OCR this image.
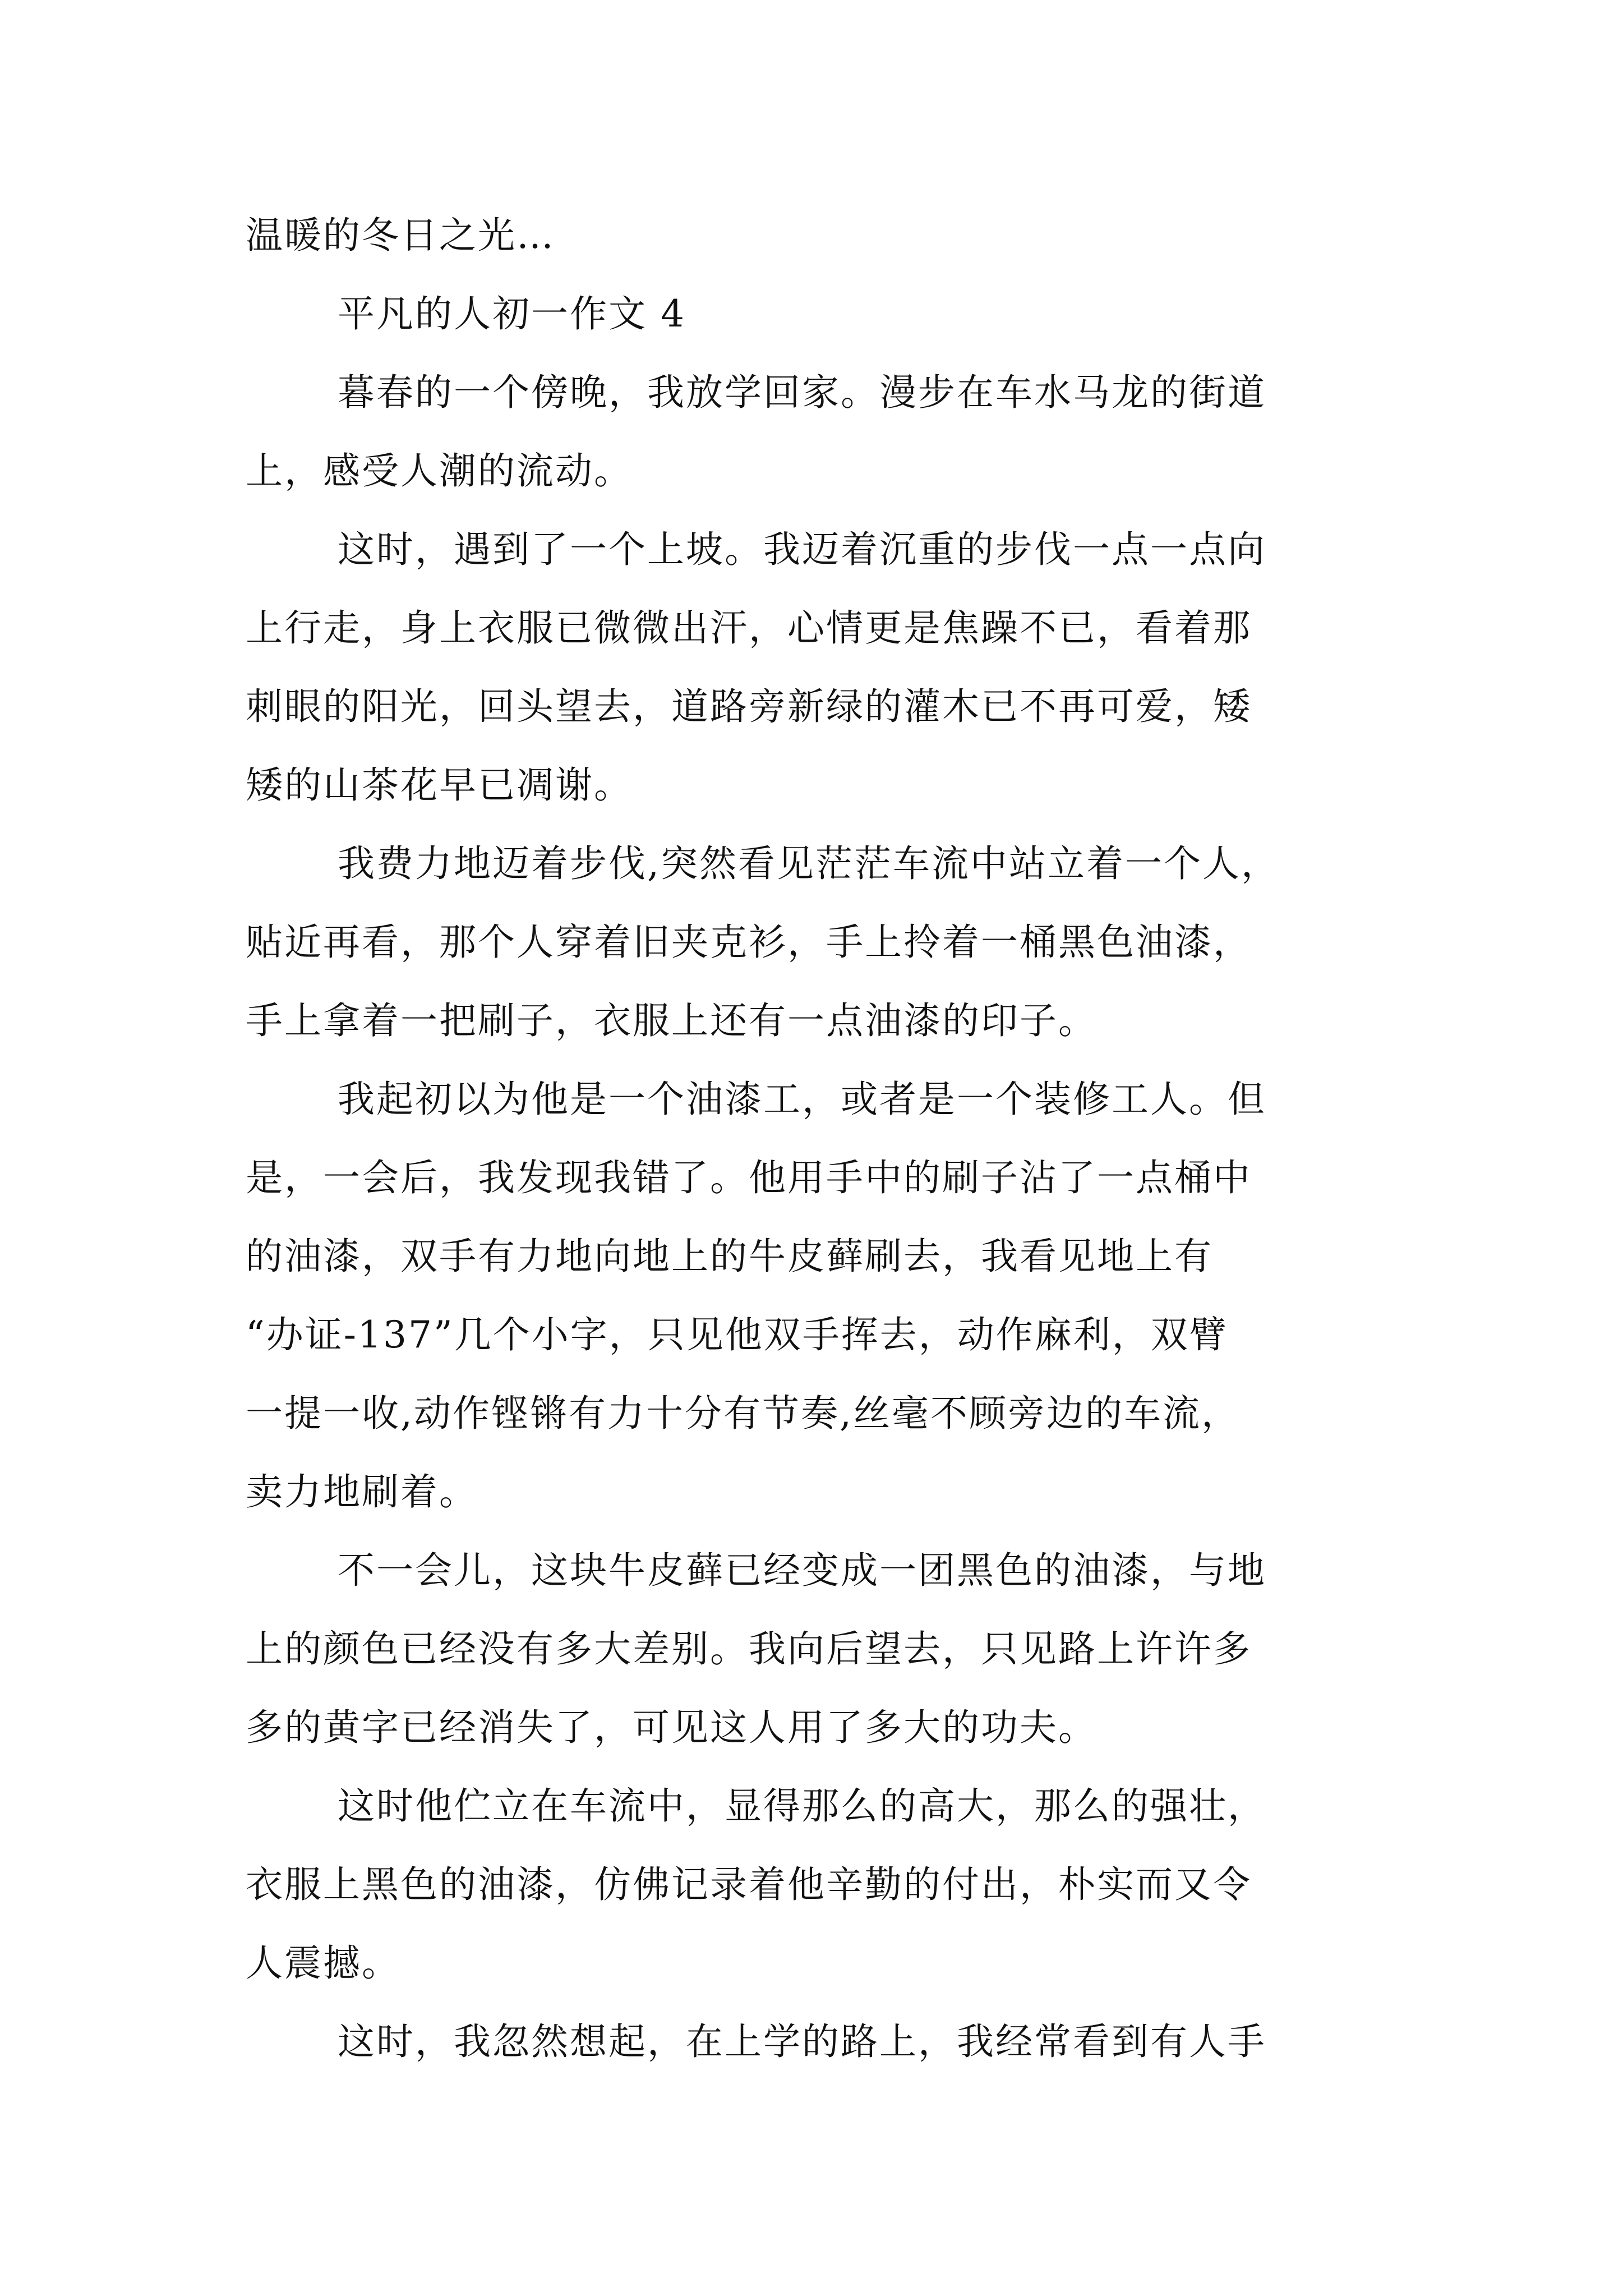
温暖的冬日之光…
平凡的人初一作文 4
暮春的一个傍晚，我放学回家。漫步在车水马龙的街道
上，感受人潮的流动。
这时，遇到了一个上坡。我迈着沉重的步伐一点一点向
上行走，身上衣服已微微出汗，心情更是焦躁不已，看着那
刺眼的阳光，回头望去，道路旁新绿的灌木已不再可爱，矮
矮的山茶花早已凋谢。
我费力地迈着步伐,突然看见茫茫车流中站立着一个人，
贴近再看，那个人穿着旧夹克衫，手上拎着一桶黑色油漆，
手上拿着一把刷子，衣服上还有一点油漆的印子。
我起初以为他是一个油漆工，或者是一个装修工人。但
是，一会后，我发现我错了。他用手中的刷子沾了一点桶中
的油漆，双手有力地向地上的牛皮藓刷去，我看见地上有
“办证-137”几个小字，只见他双手挥去，动作麻利，双臂
一提一收,动作铿锵有力十分有节奏,丝毫不顾旁边的车流，
卖力地刷着。
不一会儿，这块牛皮藓已经变成一团黑色的油漆，与地
上的颜色已经没有多大差别。我向后望去，只见路上许许多
多的黄字已经消失了，可见这人用了多大的功夫。
这时他伫立在车流中，显得那么的高大，那么的强壮，
衣服上黑色的油漆，仿佛记录着他辛勤的付出，朴实而又令
人震撼。
这时，我忽然想起，在上学的路上，我经常看到有人手
